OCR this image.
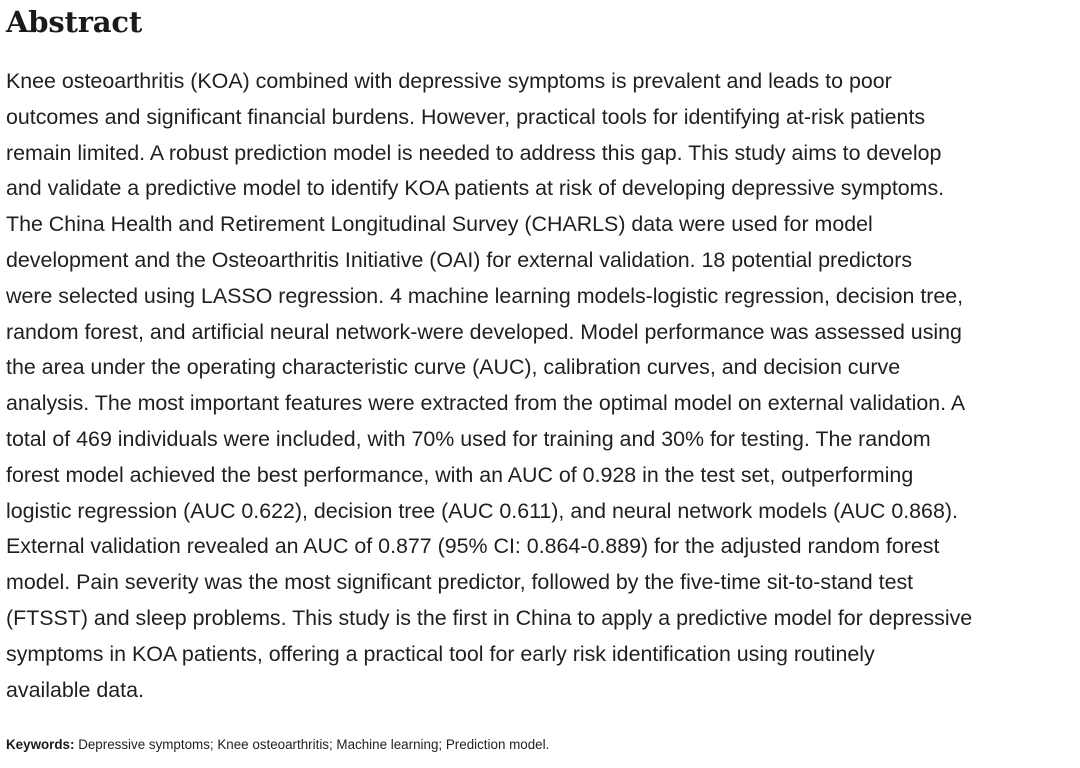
Abstract
Knee osteoarthritis (KOA) combined with depressive symptoms is prevalent and leads to poor
outcomes and significant financial burdens. However, practical tools for identifying at-risk patients
remain limited. A robust prediction model is needed to address this gap. This study aims to develop
and validate a predictive model to identify KOA patients at risk of developing depressive symptoms.
The China Health and Retirement Longitudinal Survey (CHARLS) data were used for model
development and the Osteoarthritis Initiative (OAI) for external validation. 18 potential predictors
were selected using LASSO regression. 4 machine learning models-logistic regression, decision tree,
random forest, and artificial neural network-were developed. Model performance was assessed using
the area under the operating characteristic curve (AUC), calibration curves, and decision curve
analysis. The most important features were extracted from the optimal model on external validation. A
total of 469 individuals were included, with 70% used for training and 30% for testing. The random
forest model achieved the best performance, with an AUC of 0.928 in the test set, outperforming
logistic regression (AUC 0.622), decision tree (AUC 0.611), and neural network models (AUC 0.868).
External validation revealed an AUC of 0.877 (95% CI: 0.864-0.889) for the adjusted random forest
model. Pain severity was the most significant predictor, followed by the five-time sit-to-stand test
(FTSST) and sleep problems. This study is the first in China to apply a predictive model for depressive
symptoms in KOA patients, offering a practical tool for early risk identification using routinely
available data.

Keywords: Depressive symptoms; Knee osteoarthritis; Machine learning; Prediction model.
